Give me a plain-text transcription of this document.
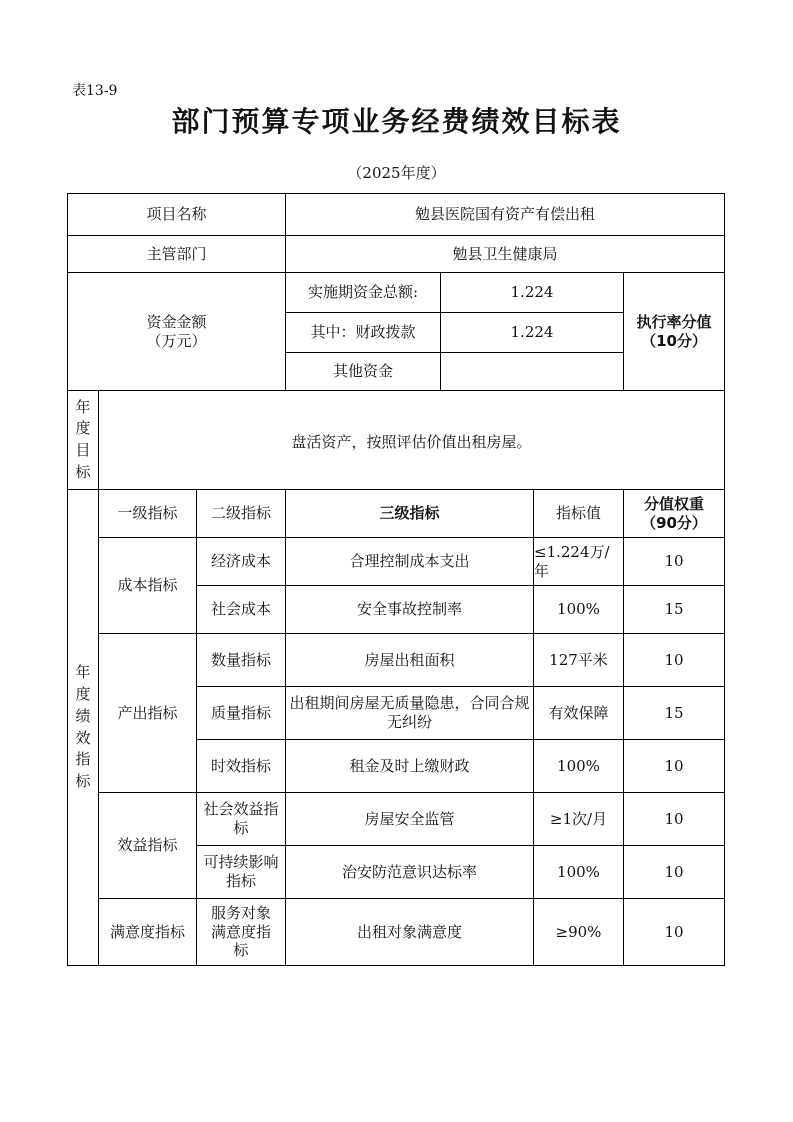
表13-9
部门预算专项业务经费绩效目标表
（2025年度）
项目名称			勉县医院国有资产有偿出租			
主管部门			勉县卫生健康局			
资金金额
（万元）			实施期资金总额:	1.224		执行率分值
（10分）
			其中：财政拨款	1.224		
			其他资金			

年度目标	盘活资产，按照评估价值出租房屋。					

年度绩效指标	一级指标	二级指标	三级指标		指标值	分值权重
（90分）
	成本指标	经济成本	合理控制成本支出		≤1.224万/年	10
		社会成本	安全事故控制率		100%	15
	产出指标	数量指标	房屋出租面积		127平米	10
		质量指标	出租期间房屋无质量隐患，合同合规无纠纷		有效保障	15
		时效指标	租金及时上缴财政		100%	10
	效益指标	社会效益指标	房屋安全监管		≥1次/月	10
		可持续影响指标	治安防范意识达标率		100%	10
	满意度指标	服务对象满意度指标	出租对象满意度		≥90%	10
